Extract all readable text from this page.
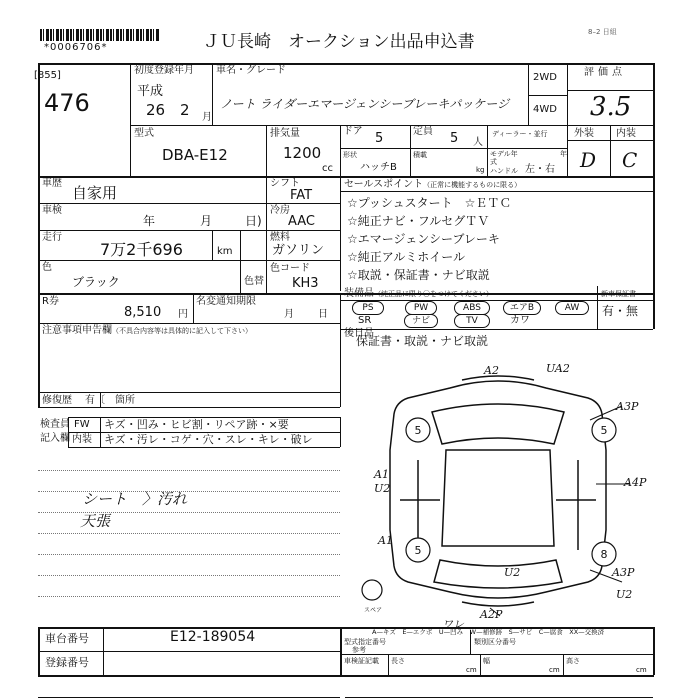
*0006706*	ＪＵ長崎　オークション出品申込書	8–2 日組
[855]
476
初度登録年月
平成
26 2 月
車名・グレード
ノート ライダーエマージェンシーブレーキパッケージ
2WD
4WD
評価点
3.5
型式
DBA-E12
排気量
1200
cc
ドア 5	定員 5 人
ディーラー・並行	外装 内装
D C
形状
ハッチB
積載
kg
モデル年式
年
ハンドル 左・右
車歴
自家用
シフト
FAT
セールスポイント（正常に機能するものに限る）
☆プッシュスタート　☆ＥＴＣ
☆純正ナビ・フルセグＴＶ
☆エマージェンシーブレーキ
☆純正アルミホイール
☆取説・保証書・ナビ取説
車検
年	月	日)
冷房
AAC
走行
7万2千696	km
燃料
ガソリン
色
ブラック	色替
色コード
KH3
R券
8,510 円
名変通知期限
月 日
装備品（純正品に限り〇をつけてください）
PS	PW	ABS	エアB	AW
SR	ナビ	TV	カワ
新車保証書
有・無
注意事項申告欄（不具合内容等は具体的に記入して下さい）	後日品
保証書・取説・ナビ取説
修復歴 有〔 箇所
検査員
記入欄
FW キズ・凹み・ヒビ割・リペア跡・×要
内装 キズ・汚レ・コゲ・穴・スレ・キレ・破レ
シート　〉汚れ
天張
A2	UA2
A3P
A1
U2
A1
A4P
U2	A3P
U2
A2P
ワレ
5	5
5	8
スペア
A—キズ　E—エクボ　U—凹み　W—補修跡　S—サビ　C—腐食　XX—交換済
車台番号	E12-189054
登録番号
型式指定番号
参考
類別区分番号
車検証記載 長さ
cm
幅
cm
高さ
cm
